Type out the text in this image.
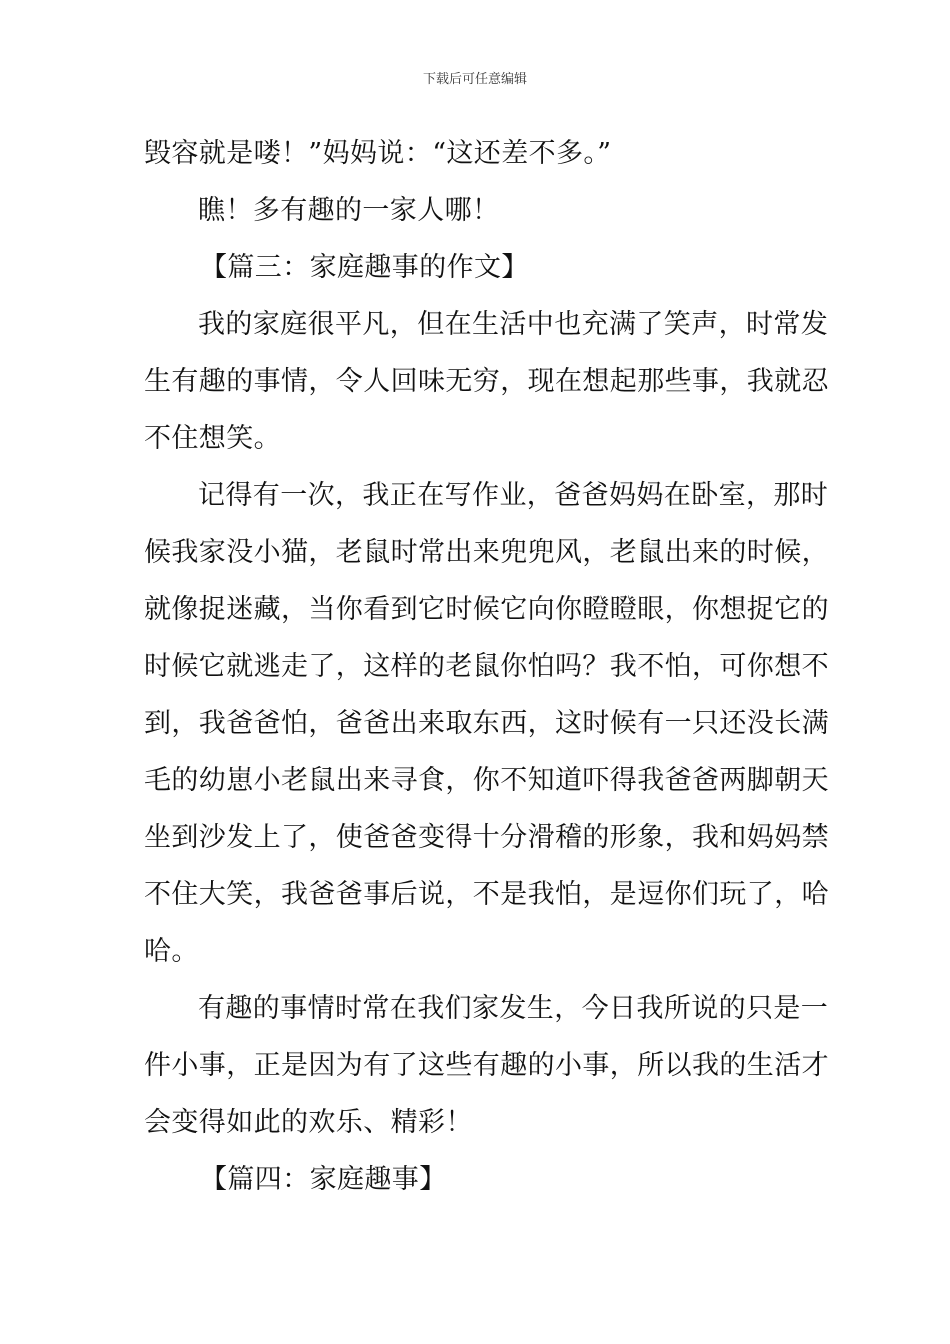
下载后可任意编辑
毁容就是喽！”妈妈说：“这还差不多。”
瞧！多有趣的一家人哪！
【篇三：家庭趣事的作文】
我的家庭很平凡，但在生活中也充满了笑声，时常发
生有趣的事情，令人回味无穷，现在想起那些事，我就忍
不住想笑。
记得有一次，我正在写作业，爸爸妈妈在卧室，那时
候我家没小猫，老鼠时常出来兜兜风，老鼠出来的时候，
就像捉迷藏，当你看到它时候它向你瞪瞪眼，你想捉它的
时候它就逃走了，这样的老鼠你怕吗？我不怕，可你想不
到，我爸爸怕，爸爸出来取东西，这时候有一只还没长满
毛的幼崽小老鼠出来寻食，你不知道吓得我爸爸两脚朝天
坐到沙发上了，使爸爸变得十分滑稽的形象，我和妈妈禁
不住大笑，我爸爸事后说，不是我怕，是逗你们玩了，哈
哈。
有趣的事情时常在我们家发生，今日我所说的只是一
件小事，正是因为有了这些有趣的小事，所以我的生活才
会变得如此的欢乐、精彩！
【篇四：家庭趣事】
